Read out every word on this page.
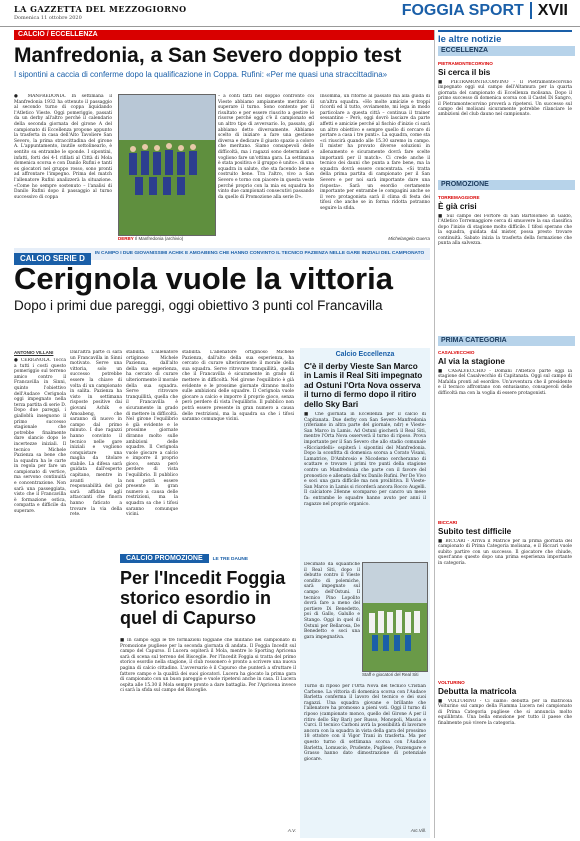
LA GAZZETTA DEL MEZZOGIORNO
Domenica 11 ottobre 2020	FOGGIA SPORT XVII
CALCIO / ECCELLENZA
Manfredonia, a San Severo doppio test
I sipontini a caccia di conferme dopo la qualificazione in Coppa. Rufini: «Per me quasi una straccittadina»
● MANFREDONIA. In settimana il Manfredonia 1932 ha ottenuto il passaggio al secondo turno di coppa liquidando l'Atletico Vieste. Oggi pomeriggio, passati da un derby all'altro perché il calendario della seconda giornata del girone A del campionato di Eccellenza propone appunto la trasferta in casa dell'Alto Tavoliere San Severo, la prima straccittadina del girone A. L'appuntamento, inutile sottolinearlo, è sentito su entrambe le sponde. I sipontini, infatti, forti dei 4-1 rifilati al Città di Mola domenica scorsa e con Danilo Rufini e tanti ex giocatori nel gruppo rosso, sono pronti ad affrontare l'impegno. Prima del match l'allenatore Rufini analizzerà la situazione. «Come ho sempre sostenuto – l'analisi di Danilo Rufini dopo il passaggio al turno successivo di coppa
DERBY Il Manfredonia (archivio)
– a conti fatti nel doppio confronto coi Vieste abbiamo ampiamente meritato di superare il turno. Sono contento per il risultato e per essere riuscito a gestire le risorse perché oggi c'è il campionato ed un altro tipo di avversario. Io, passato, gli abbiamo detto diversamente. Abbiamo scelto di iniziare a fare una gestione diversa e dedicare il giusto spazio a coloro che meritano. Siamo consapevoli delle difficoltà, ma i ragazzi sono determinati e vogliono fare un'ottima gara. La settimana è stata positiva e il gruppo è unito». di una squadra in salute, che sta facendo bene e costruito bene. Tra l'altro, vivo a San Severo e torno con piacere in questa veste perché proprio con la mia ex squadra ho vinto due campionati consecutivi passando da quello di Promozione alla serie D».
Insomma, un ritorno al passato ma alla guida di un'altra squadra. «Ho molte amicizie e troppi ricordi ed il tutto, ovviamente, mi lega in modo particolare a questa città – continua il trainer sessantino – Però, oggi dovrò lasciare da parte affetti e amicizie perché al fischio d'inizio ci sarà un altro obiettivo e sempre quello di cercare di portare a casa i tre punti». La squadra, come sta «ci riuscirà quando alle 15.30 saremo in campo. Il mister ha provato diverse soluzioni in allenamento e sicuramente dovrà fare scelte importanti per il match». Ci crede anche il tecnico dei dauni che punta a fare bene, ma la squadra dovrà essere concentrata. «Si tratta della prima partita di campionato per il San Severo e per noi sarà importante dare una risposta». Sarà un esordio certamente importante per entrambe le compagini anche se il vero protagonista sarà il clima di festa dei tifosi che anche se in forma ridotta potranno seguire la sfida.
Michelangelo Guerra
CALCIO SERIE $D^{IN CAMPO I DUE GIOVANISSIMI ACHIK E AMOABENG CHE HANNO CONVINTO IL TECNICO PAZIENZA NELLE GARE INIZIALI DEL CAMPIONATO}$
Cerignola vuole la vittoria
Dopo i primi due pareggi, oggi obiettivo 3 punti col Francavilla
ANTONIO VILLANI
● CERIGNOLA. Tocca a tutti i costi questo pomeriggio sul terreno amico contro il Francavilla in Sinni, quinto l'obiettivo dell'Audace Cerignola oggi impegnato nella terza partita di serie D. Dopo due pareggi, i gialloblù inseguono il primo successo stagionale che potrebbe finalmente dare slancio dopo le incertezze iniziali. Il tecnico Michele Pazienza sa bene che la squadra ha le carte in regola per fare un campionato di vertice, ma servono continuità e concentrazione. Non sarà una passeggiata, visto che il Francavilla è formazione ostica, compatta e difficile da superare.
Dall'altra parte ci sarà un Francavilla in Sinni motivato. Serve una vittoria, solo un successo potrebbe essere la chiave di volta di un campionato in salita. Pazienza ha visto in settimana risposte positive dai giovani Achik e Amoabeng, che saranno di nuovo in campo dal primo minuto. I due ragazzi hanno convinto il tecnico nelle gare iniziali e vogliono conquistare una maglia da titolare stabile. La difesa sarà guidata dall'esperto capitano, mentre in avanti la responsabilità del gol sarà affidata agli attaccanti che finora hanno faticato a trovare la via della rete.
stabilità. L'allenatore ortiginoso Michele Pazienza, dall'alto della sua esperienza, ha cercato di curare ulteriormente il morale della sua squadra. Serve ritrovare tranquillità, quella che il Francavilla è sicuramente in grado di mettere in difficoltà. Nel girone l'equilibrio è già evidente e le prossime giornate diranno molto sulle ambizioni delle squadre. Il Cerignola vuole giocare a calcio e imporre il proprio gioco, senza però perdere di vista l'equilibrio. Il pubblico non potrà essere presente in gran numero a causa delle restrizioni, ma la squadra sa che i tifosi saranno comunque vicini.
stabilità. L'allenatore ortiginoso Michele Pazienza, dall'alto della sua esperienza, ha cercato di curare ulteriormente il morale della sua squadra. Serve ritrovare tranquillità, quella che il Francavilla è sicuramente in grado di mettere in difficoltà. Nel girone l'equilibrio è già evidente e le prossime giornate diranno molto sulle ambizioni delle squadre. Il Cerignola vuole giocare a calcio e imporre il proprio gioco, senza però perdere di vista l'equilibrio. Il pubblico non potrà essere presente in gran numero a causa delle restrizioni, ma la squadra sa che i tifosi saranno comunque vicini.
CALCIO PROMOZIONE LE TRE DAUNE
Per l'Incedit Foggia storico esordio in quel di Capurso
■ In campo oggi le tre formazioni foggiane che militano nel campionato di Promozione pugliese per la seconda giornata di andata. Il Foggia Incedit sul campo del Capurso. Il Lucera ospiterà il Mola, mentre lo Sporting Apricena sarà di scena sul terreno del Bisceglie. Per l'Incedit Foggia si tratta del primo storico esordio nella stagione, il club rossonero è pronto a scrivere una nuova pagina di calcio cittadino. L'avversario è il Capurso che punterà a sfruttare il fattore campo e la qualità dei suoi giocatori. Lucera ha giocato la prima gara di campionato con un buon pareggio e vuole ripetersi anche in casa. Il Lucera ospita alle 15.30 il Mola sempre pronto a dare battaglia. Per l'Apricena invece ci sarà la sfida sul campo del Bisceglie.
A.V.
Calcio Eccellenza
C'è il derby Vieste San Marco in Lamis il Real Siti impegnato ad Ostuni l'Orta Nova osserva il turno di fermo dopo il ritiro dello Sky Bari
■ Che giornata in Eccellenza per il calcio di Capitanata. Due derby con San Severo-Manfredonia (riferiamo in altra parte del giornale, ndr) e Vieste-San Marco in Lamis. Ad Ostuni giocherà il Real Siti, mentre l'Orta Nova osserverà il turno di riposo. Prova importante per il San Severo che allo stadio comunale «Ricciardelli» ospiterà i sipontini del Manfredonia. Dopo la sconfitta di domenica scorsa a Corato Visani, Lamatrice, D'Ambrosio e Nicodemo cercheranno di scattare e trovare i primi tre punti della stagione contro un Manfredonia che parte con il favore del pronostico e allenata dall'ex Danilo Rufini. Per De Vivo e soci una gara difficile ma non proibitiva. Il Vieste-San Marco in Lamis si ricorderà ancora Rocco Augelli. Il calciatore 28enne scomparso per cancro un mese fa: entrambe le squadre hanno avuto per anni il ragazzo nel proprio organico.
Decimato da squalifiche il Real Siti, dopo il debutto contro il Vieste condito di polemiche, sarà impegnato sul campo dell'Ostuni. Il tecnico Pino Lopolito dovrà fare a meno del portiere Di Benedetto, poi di Gallo, Galullo e Stango. Oggi in quel di Ostuni per Bellarosa, De Benedetto e soci una gara impegnativa.
Staff e giocatori del Real Siti
Turno di riposo per l'Orta Nova del tecnico Cristian Carbone. La vittoria di domenica scorsa con l'Audace Barletta conferma il lavoro del tecnico e dei suoi ragazzi. Una squadra giovane e brillante che l'allenatore ha promosso a pieni voti. Oggi il turno di riposo (campionato monco, quello del Girone A per il ritiro dello Sky Bari) per Russo, Monopoli, Mascia e Curci. Il tecnico Carboni avrà la possibilità di lavorare ancora con la squadra in vista della gara del prossimo 18 ottobre con il Vigor Trani in trasferta. Ma per questo turno di settimana scorsa con l'Audace Barletta, Lomuscio, Prudente, Pugliese, Pozzengare e Grasso hanno dato dimostrazione di potenziale giocare.
Arc.Vill.
le altre notizie
ECCELLENZA
PIETRAMONTECORVINO
Si cerca il bis
■ PIETRAMONTECORVINO - Il Pietramontecorvino impegnato oggi sul campo dell'Altamura per la quarta giornata del campionato di Eccellenza molisana. Dopo il primo successo di domenica scorsa con il Castel Di Sangro, il Pietramontecorvino proverà a ripetersi. Un successo sul campo del molisani sicuramente potrebbe rilanciare le ambizioni del club dauno nel campionato.
PROMOZIONE
TORREMAGGIORE
È già crisi
■ Sul campo del Fortore di San Bartolomeo in Galdo, l'Atletico Torremaggiore cerca di smuovere la sua classifica dopo l'inizio di stagione molto difficile. I tifosi sperano che la squadra, guidata dal mister, possa presto trovare continuità. Sabato inizia la trasferta della formazione che punta alla salvezza.
PRIMA CATEGORIA
CASALVECCHIO
Al via la stagione
■ CASALVECCHIO - Domani l'Atletico parte oggi la stagione del Casalvecchio di Capitanata. Oggi sul campo di Mafalda pronti ad esordire. Un'avventura che il presidente e il tecnico affrontano con entusiasmo, consapevoli delle difficoltà ma con la voglia di essere protagonisti.
BICCARI
Subito test difficile
■ BICCARI - Arriva il Matrice per la prima giornata del campionato di Prima Categoria molisana, e il Biccari vuole subito partire con un successo. Il giocatore che chiude, quest'anno questo dopo una prima esperienza importante in categoria.
VOLTURINO
Debutta la matricola
■ VOLTURINO - Ci siamo: debutta per la matricola Volturino sul campo della Fiamma Lucera nel campionato di Prima Categoria pugliese che si annuncia molto equilibrato. Una bella emozione per tutto il paese che finalmente può vivere la categoria.
